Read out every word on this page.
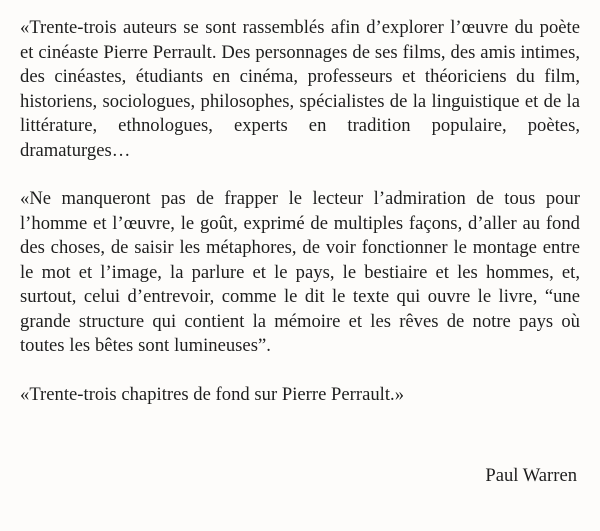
«Trente-trois auteurs se sont rassemblés afin d’explorer l’œuvre du poète et cinéaste Pierre Perrault. Des personnages de ses films, des amis intimes, des cinéastes, étudiants en cinéma, professeurs et théoriciens du film, historiens, sociologues, philosophes, spécialistes de la linguistique et de la littérature, ethnologues, experts en tradition populaire, poètes, dramaturges…

«Ne manqueront pas de frapper le lecteur l’admiration de tous pour l’homme et l’œuvre, le goût, exprimé de multiples façons, d’aller au fond des choses, de saisir les métaphores, de voir fonctionner le montage entre le mot et l’image, la parlure et le pays, le bestiaire et les hommes, et, surtout, celui d’entrevoir, comme le dit le texte qui ouvre le livre, “une grande structure qui contient la mémoire et les rêves de notre pays où toutes les bêtes sont lumineuses”.

«Trente-trois chapitres de fond sur Pierre Perrault.»

Paul Warren
